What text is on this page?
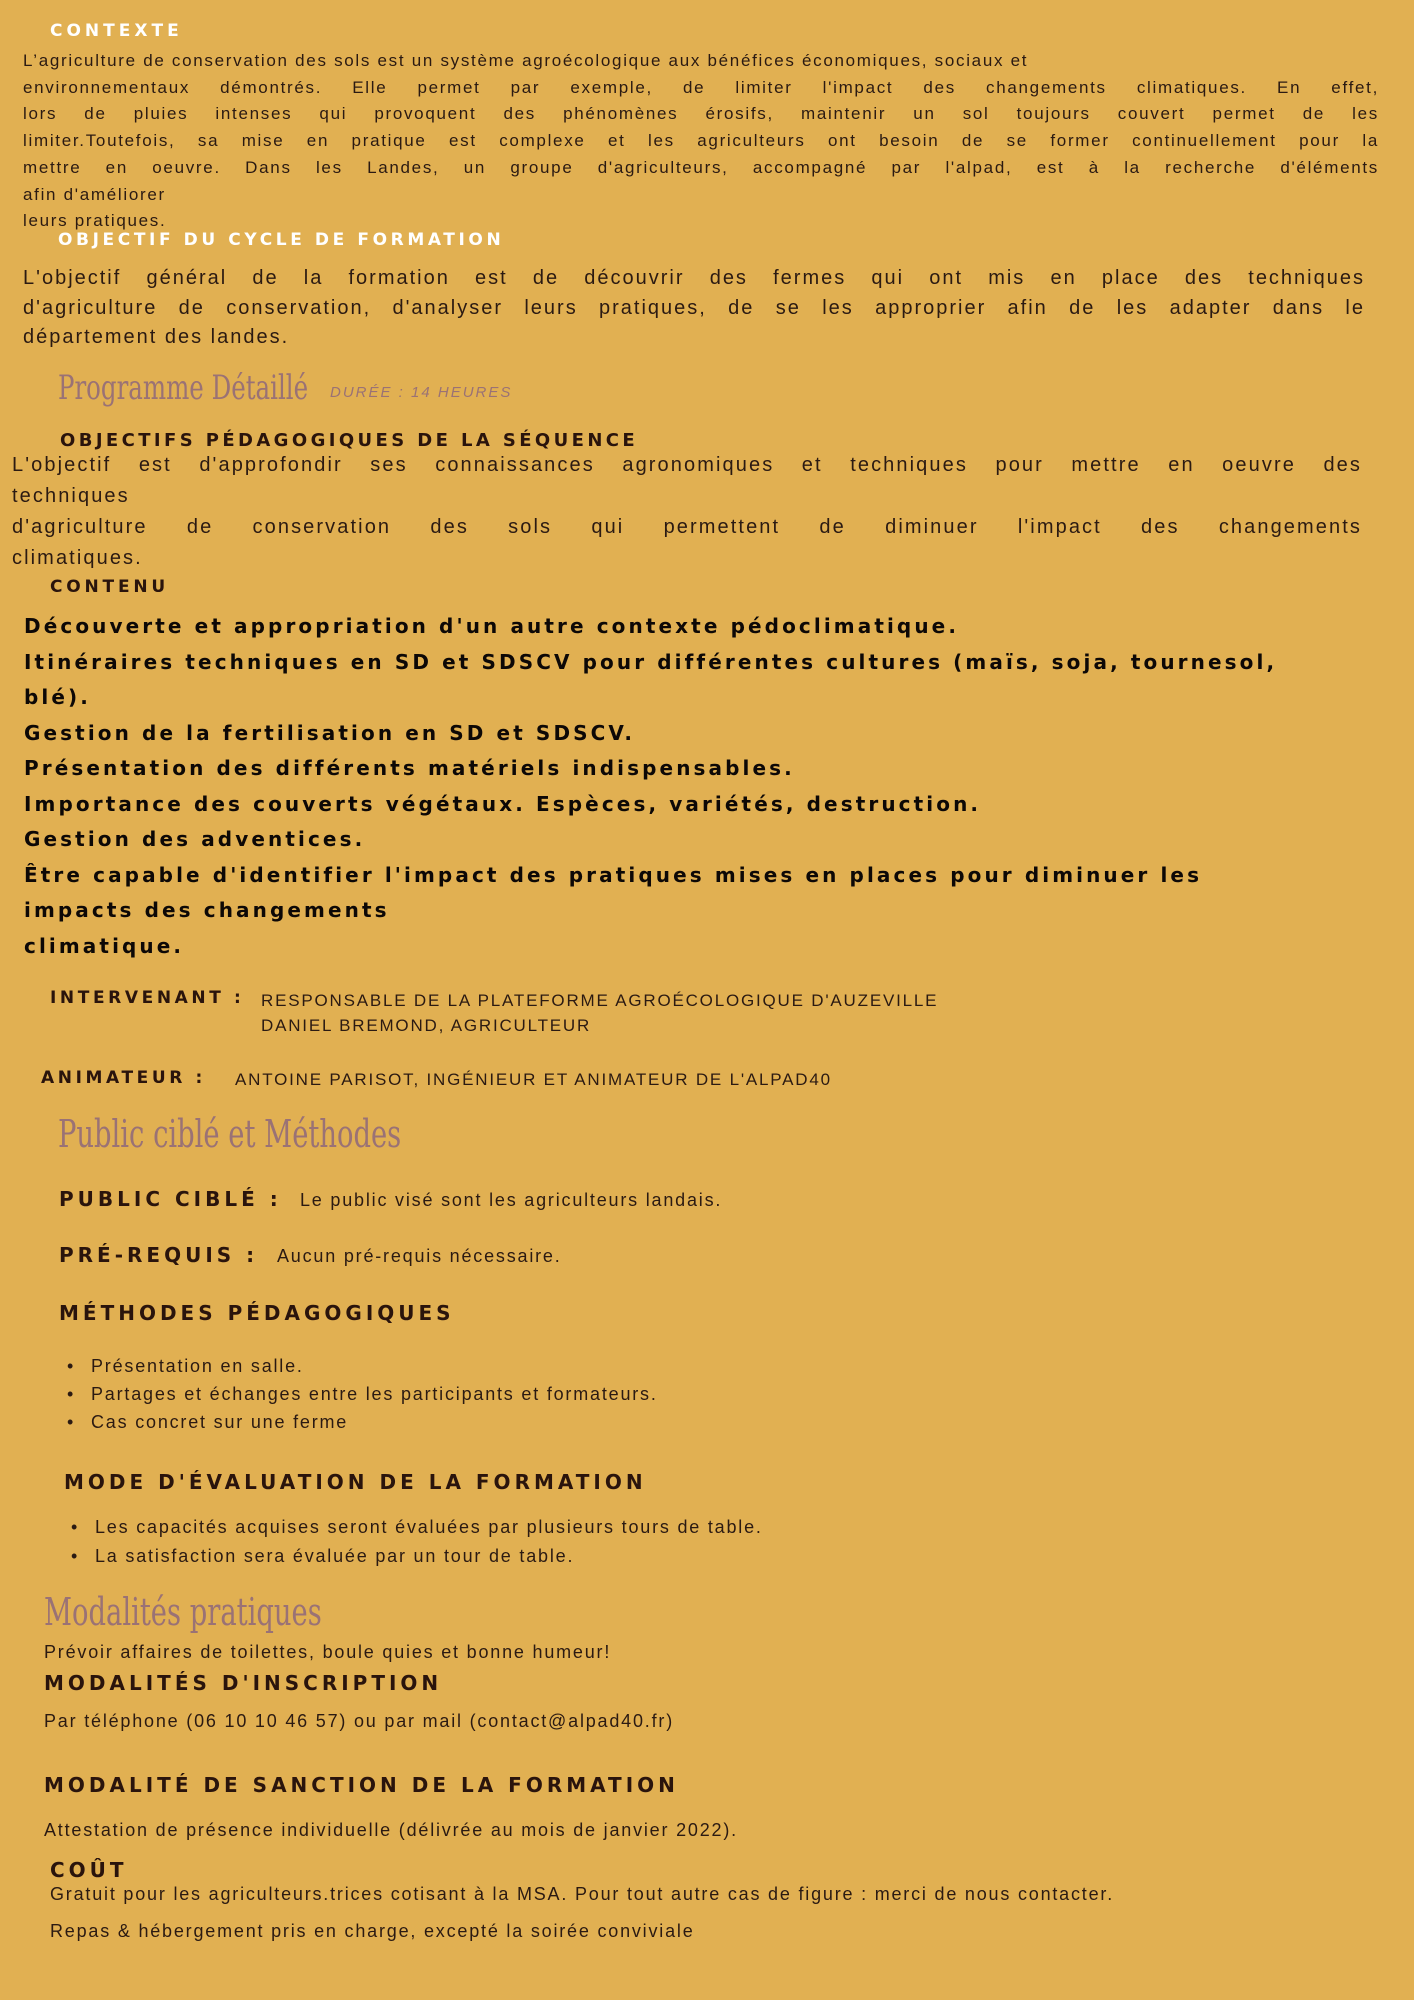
CONTEXTE
L’agriculture de conservation des sols est un système agroécologique aux bénéfices économiques, sociaux et
environnementaux démontrés. Elle permet par exemple, de limiter l'impact des changements climatiques. En effet,
lors de pluies intenses qui provoquent des phénomènes érosifs, maintenir un sol toujours couvert permet de les
limiter.Toutefois, sa mise en pratique est complexe et les agriculteurs ont besoin de se former continuellement pour la
mettre en oeuvre. Dans les Landes, un groupe d'agriculteurs, accompagné par l'alpad, est à la recherche d'éléments
afin d'améliorer
leurs pratiques.
OBJECTIF DU CYCLE DE FORMATION
L'objectif général de la formation est de découvrir des fermes qui ont mis en place des techniques
d'agriculture de conservation, d'analyser leurs pratiques, de se les approprier afin de les adapter dans le
département des landes.
Programme Détaillé DURÉE : 14 HEURES
OBJECTIFS PÉDAGOGIQUES DE LA SÉQUENCE
L'objectif est d'approfondir ses connaissances agronomiques et techniques pour mettre en oeuvre des
techniques
d'agriculture de conservation des sols qui permettent de diminuer l'impact des changements
climatiques.
CONTENU

Découverte et appropriation d'un autre contexte pédoclimatique.

Itinéraires techniques en SD et SDSCV pour différentes cultures (maïs, soja, tournesol,

blé).

Gestion de la fertilisation en SD et SDSCV.

Présentation des différents matériels indispensables.

Importance des couverts végétaux. Espèces, variétés, destruction.

Gestion des adventices.

Être capable d'identifier l'impact des pratiques mises en places pour diminuer les

impacts des changements

climatique.

INTERVENANT : RESPONSABLE DE LA PLATEFORME AGROÉCOLOGIQUE D'AUZEVILLE
DANIEL BREMOND, AGRICULTEUR
ANIMATEUR : ANTOINE PARISOT, INGÉNIEUR ET ANIMATEUR DE L'ALPAD40
Public ciblé et Méthodes
PUBLIC CIBLÉ : Le public visé sont les agriculteurs landais.
PRÉ-REQUIS : Aucun pré-requis nécessaire.
MÉTHODES PÉDAGOGIQUES
• Présentation en salle.
• Partages et échanges entre les participants et formateurs.
• Cas concret sur une ferme
MODE D'ÉVALUATION DE LA FORMATION
• Les capacités acquises seront évaluées par plusieurs tours de table.
• La satisfaction sera évaluée par un tour de table.
Modalités pratiques
Prévoir affaires de toilettes, boule quies et bonne humeur!
MODALITÉS D'INSCRIPTION
Par téléphone (06 10 10 46 57) ou par mail (contact@alpad40.fr)
MODALITÉ DE SANCTION DE LA FORMATION
Attestation de présence individuelle (délivrée au mois de janvier 2022).
COÛT
Gratuit pour les agriculteurs.trices cotisant à la MSA. Pour tout autre cas de figure : merci de nous contacter.
Repas & hébergement pris en charge, excepté la soirée conviviale
